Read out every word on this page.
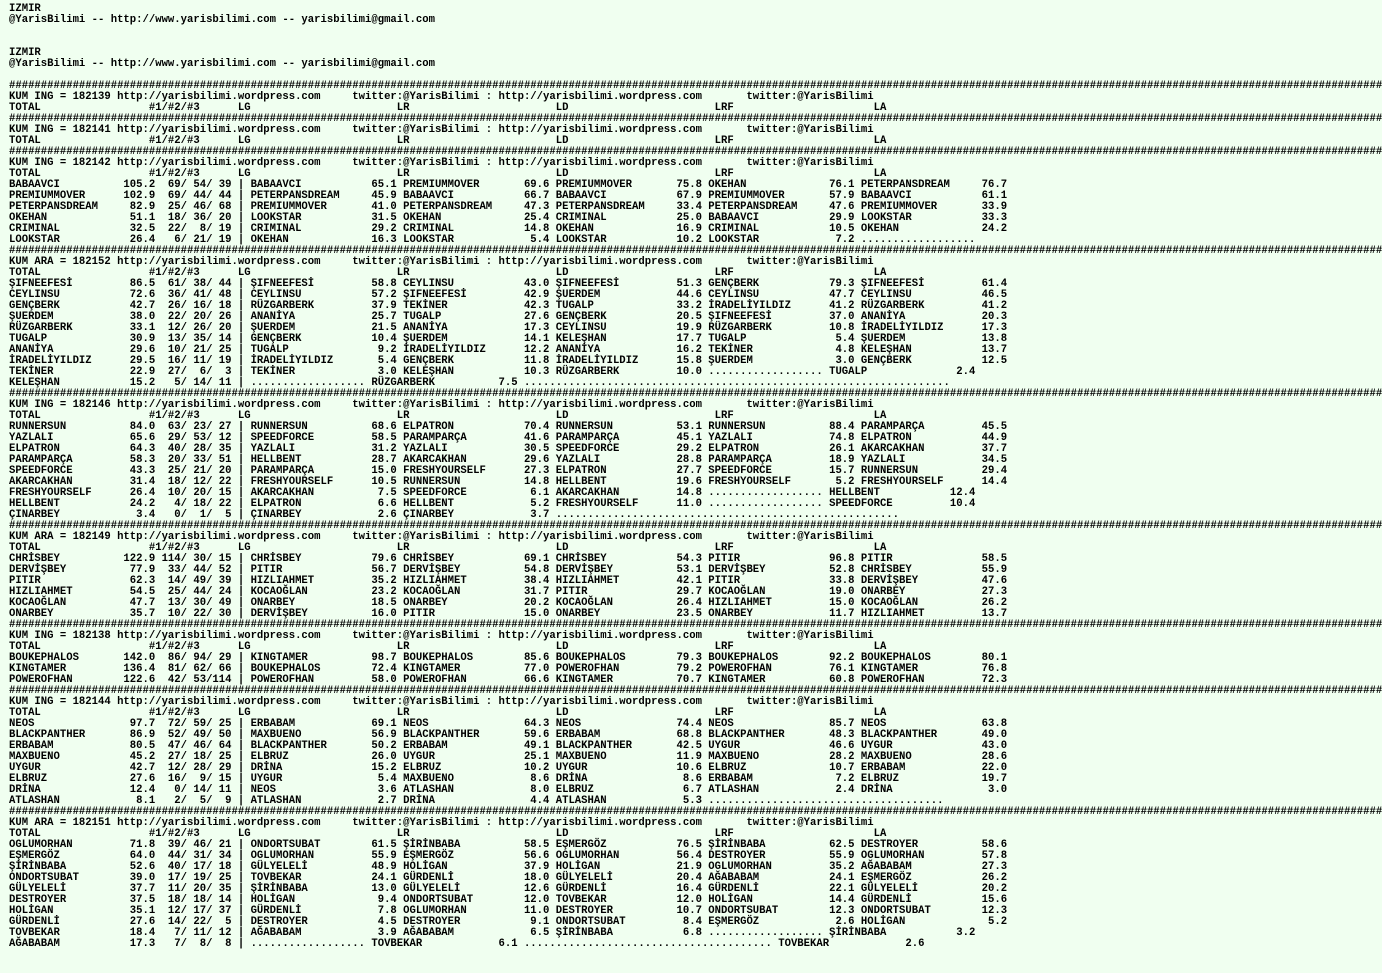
IZMIR
@YarisBilimi -- http://www.yarisbilimi.com -- yarisbilimi@gmail.com
IZMIR
@YarisBilimi -- http://www.yarisbilimi.com -- yarisbilimi@gmail.com
########################################################################################################################################################################################################################
KUM ING = 182139 http://yarisbilimi.wordpress.com     twitter:@YarisBilimi : http://yarisbilimi.wordpress.com       twitter:@YarisBilimi
TOTAL                 #1/#2/#3      LG                       LR                       LD                       LRF                      LA
########################################################################################################################################################################################################################
KUM ING = 182141 http://yarisbilimi.wordpress.com     twitter:@YarisBilimi : http://yarisbilimi.wordpress.com       twitter:@YarisBilimi
TOTAL                 #1/#2/#3      LG                       LR                       LD                       LRF                      LA
########################################################################################################################################################################################################################
KUM ING = 182142 http://yarisbilimi.wordpress.com     twitter:@YarisBilimi : http://yarisbilimi.wordpress.com       twitter:@YarisBilimi
TOTAL                 #1/#2/#3      LG                       LR                       LD                       LRF                      LA
BABAAVCI          105.2  69/ 54/ 39 | BABAAVCI           65.1 PREMIUMMOVER       69.6 PREMIUMMOVER       75.8 OKEHAN             76.1 PETERPANSDREAM     76.7
PREMIUMMOVER      102.9  69/ 44/ 44 | PETERPANSDREAM     45.9 BABAAVCI           66.7 BABAAVCI           67.9 PREMIUMMOVER       57.9 BABAAVCI           61.1
PETERPANSDREAM     82.9  25/ 46/ 68 | PREMIUMMOVER       41.0 PETERPANSDREAM     47.3 PETERPANSDREAM     33.4 PETERPANSDREAM     47.6 PREMIUMMOVER       33.9
OKEHAN             51.1  18/ 36/ 20 | LOOKSTAR           31.5 OKEHAN             25.4 CRIMINAL           25.0 BABAAVCI           29.9 LOOKSTAR           33.3
CRIMINAL           32.5  22/  8/ 19 | CRIMINAL           29.2 CRIMINAL           14.8 OKEHAN             16.9 CRIMINAL           10.5 OKEHAN             24.2
LOOKSTAR           26.4   6/ 21/ 19 | OKEHAN             16.3 LOOKSTAR            5.4 LOOKSTAR           10.2 LOOKSTAR            7.2 ..................
########################################################################################################################################################################################################################
KUM ARA = 182152 http://yarisbilimi.wordpress.com     twitter:@YarisBilimi : http://yarisbilimi.wordpress.com       twitter:@YarisBilimi
TOTAL                 #1/#2/#3      LG                       LR                       LD                       LRF                      LA
ŞIFNEEFESİ         86.5  61/ 38/ 44 | ŞIFNEEFESİ         58.8 CEYLINSU           43.0 ŞIFNEEFESİ         51.3 GENÇBERK           79.3 ŞIFNEEFESİ         61.4
CEYLINSU           72.6  36/ 41/ 48 | CEYLINSU           57.2 ŞIFNEEFESİ         42.9 ŞUERDEM            44.6 CEYLINSU           47.7 CEYLINSU           46.5
GENÇBERK           42.7  26/ 16/ 18 | RÜZGARBERK         37.9 TEKİNER            42.3 TUGALP             33.2 İRADELİYILDIZ      41.2 RÜZGARBERK         41.2
ŞUERDEM            38.0  22/ 20/ 26 | ANANİYA            25.7 TUGALP             27.6 GENÇBERK           20.5 ŞIFNEEFESİ         37.0 ANANİYA            20.3
RÜZGARBERK         33.1  12/ 26/ 20 | ŞUERDEM            21.5 ANANİYA            17.3 CEYLINSU           19.9 RÜZGARBERK         10.8 İRADELİYILDIZ      17.3
TUGALP             30.9  13/ 35/ 14 | GENÇBERK           10.4 ŞUERDEM            14.1 KELEŞHAN           17.7 TUGALP              5.4 ŞUERDEM            13.8
ANANİYA            29.6  10/ 21/ 25 | TUGALP              9.2 İRADELİYILDIZ      12.2 ANANİYA            16.2 TEKİNER             4.8 KELEŞHAN           13.7
İRADELİYILDIZ      29.5  16/ 11/ 19 | İRADELİYILDIZ       5.4 GENÇBERK           11.8 İRADELİYILDIZ      15.8 ŞUERDEM             3.0 GENÇBERK           12.5
TEKİNER            22.9  27/  6/  3 | TEKİNER             3.0 KELEŞHAN           10.3 RÜZGARBERK         10.0 .................. TUGALP              2.4
KELEŞHAN           15.2   5/ 14/ 11 | .................. RÜZGARBERK          7.5 ...................................................................
########################################################################################################################################################################################################################
KUM ING = 182146 http://yarisbilimi.wordpress.com     twitter:@YarisBilimi : http://yarisbilimi.wordpress.com       twitter:@YarisBilimi
TOTAL                 #1/#2/#3      LG                       LR                       LD                       LRF                      LA
RUNNERSUN          84.0  63/ 23/ 27 | RUNNERSUN          68.6 ELPATRON           70.4 RUNNERSUN          53.1 RUNNERSUN          88.4 PARAMPARÇA         45.5
YAZLALI            65.6  29/ 53/ 12 | SPEEDFORCE         58.5 PARAMPARÇA         41.6 PARAMPARÇA         45.1 YAZLALI            74.8 ELPATRON           44.9
ELPATRON           64.3  40/ 28/ 35 | YAZLALI            31.2 YAZLALI            30.5 SPEEDFORCE         29.2 ELPATRON           26.1 AKARCAKHAN         37.7
PARAMPARÇA         58.3  20/ 33/ 51 | HELLBENT           28.7 AKARCAKHAN         29.6 YAZLALI            28.8 PARAMPARÇA         18.9 YAZLALI            34.5
SPEEDFORCE         43.3  25/ 21/ 20 | PARAMPARÇA         15.0 FRESHYOURSELF      27.3 ELPATRON           27.7 SPEEDFORCE         15.7 RUNNERSUN          29.4
AKARCAKHAN         31.4  18/ 12/ 22 | FRESHYOURSELF      10.5 RUNNERSUN          14.8 HELLBENT           19.6 FRESHYOURSELF       5.2 FRESHYOURSELF      14.4
FRESHYOURSELF      26.4  10/ 20/ 15 | AKARCAKHAN          7.5 SPEEDFORCE          6.1 AKARCAKHAN         14.8 .................. HELLBENT           12.4
HELLBENT           24.2   4/ 18/ 22 | ELPATRON            6.6 HELLBENT            5.2 FRESHYOURSELF      11.0 .................. SPEEDFORCE         10.4
ÇINARBEY            3.4   0/  1/  5 | ÇINARBEY            2.6 ÇINARBEY            3.7 ......................................................
########################################################################################################################################################################################################################
KUM ARA = 182149 http://yarisbilimi.wordpress.com     twitter:@YarisBilimi : http://yarisbilimi.wordpress.com       twitter:@YarisBilimi
TOTAL                 #1/#2/#3      LG                       LR                       LD                       LRF                      LA
CHRİSBEY          122.9 114/ 30/ 15 | CHRİSBEY           79.6 CHRİSBEY           69.1 CHRİSBEY           54.3 PITIR              96.8 PITIR              58.5
DERVİŞBEY          77.9  33/ 44/ 52 | PITIR              56.7 DERVİŞBEY          54.8 DERVİŞBEY          53.1 DERVİŞBEY          52.8 CHRİSBEY           55.9
PITIR              62.3  14/ 49/ 39 | HIZLIAHMET         35.2 HIZLIAHMET         38.4 HIZLIAHMET         42.1 PITIR              33.8 DERVİŞBEY          47.6
HIZLIAHMET         54.5  25/ 44/ 24 | KOCAOĞLAN          23.2 KOCAOĞLAN          31.7 PITIR              29.7 KOCAOĞLAN          19.0 ONARBEY            27.3
KOCAOĞLAN          47.7  13/ 30/ 49 | ONARBEY            18.5 ONARBEY            20.2 KOCAOĞLAN          26.4 HIZLIAHMET         15.0 KOCAOĞLAN          26.2
ONARBEY            35.7  10/ 22/ 30 | DERVİŞBEY          16.0 PITIR              15.0 ONARBEY            23.5 ONARBEY            11.7 HIZLIAHMET         13.7
########################################################################################################################################################################################################################
KUM ING = 182138 http://yarisbilimi.wordpress.com     twitter:@YarisBilimi : http://yarisbilimi.wordpress.com       twitter:@YarisBilimi
TOTAL                 #1/#2/#3      LG                       LR                       LD                       LRF                      LA
BOUKEPHALOS       142.0  86/ 94/ 29 | KINGTAMER          98.7 BOUKEPHALOS        85.6 BOUKEPHALOS        79.3 BOUKEPHALOS        92.2 BOUKEPHALOS        80.1
KINGTAMER         136.4  81/ 62/ 66 | BOUKEPHALOS        72.4 KINGTAMER          77.0 POWEROFHAN         79.2 POWEROFHAN         76.1 KINGTAMER          76.8
POWEROFHAN        122.6  42/ 53/114 | POWEROFHAN         58.0 POWEROFHAN         66.6 KINGTAMER          70.7 KINGTAMER          60.8 POWEROFHAN         72.3
########################################################################################################################################################################################################################
KUM ING = 182144 http://yarisbilimi.wordpress.com     twitter:@YarisBilimi : http://yarisbilimi.wordpress.com       twitter:@YarisBilimi
TOTAL                 #1/#2/#3      LG                       LR                       LD                       LRF                      LA
NEOS               97.7  72/ 59/ 25 | ERBABAM            69.1 NEOS               64.3 NEOS               74.4 NEOS               85.7 NEOS               63.8
BLACKPANTHER       86.9  52/ 49/ 50 | MAXBUENO           56.9 BLACKPANTHER       59.6 ERBABAM            68.8 BLACKPANTHER       48.3 BLACKPANTHER       49.0
ERBABAM            80.5  47/ 46/ 64 | BLACKPANTHER       50.2 ERBABAM            49.1 BLACKPANTHER       42.5 UYGUR              46.6 UYGUR              43.0
MAXBUENO           45.2  27/ 18/ 25 | ELBRUZ             26.0 UYGUR              25.1 MAXBUENO           11.9 MAXBUENO           28.2 MAXBUENO           28.6
UYGUR              42.7  12/ 28/ 29 | DRİNA              15.2 ELBRUZ             10.2 UYGUR              10.6 ELBRUZ             10.7 ERBABAM            22.0
ELBRUZ             27.6  16/  9/ 15 | UYGUR               5.4 MAXBUENO            8.6 DRİNA               8.6 ERBABAM             7.2 ELBRUZ             19.7
DRİNA              12.4   0/ 14/ 11 | NEOS                3.6 ATLASHAN            8.0 ELBRUZ              6.7 ATLASHAN            2.4 DRİNA               3.0
ATLASHAN            8.1   2/  5/  9 | ATLASHAN            2.7 DRİNA               4.4 ATLASHAN            5.3 .....................................
########################################################################################################################################################################################################################
KUM ARA = 182151 http://yarisbilimi.wordpress.com     twitter:@YarisBilimi : http://yarisbilimi.wordpress.com       twitter:@YarisBilimi
TOTAL                 #1/#2/#3      LG                       LR                       LD                       LRF                      LA
OGLUMORHAN         71.8  39/ 46/ 21 | ONDORTSUBAT        61.5 ŞİRİNBABA          58.5 EŞMERGÖZ           76.5 ŞİRİNBABA          62.5 DESTROYER          58.6
EŞMERGÖZ           64.0  44/ 31/ 34 | OGLUMORHAN         55.9 EŞMERGÖZ           56.6 OGLUMORHAN         56.4 DESTROYER          55.9 OGLUMORHAN         57.8
ŞİRİNBABA          52.6  40/ 17/ 18 | GÜLYELELİ          48.9 HOLİGAN            37.9 HOLİGAN            21.9 OGLUMORHAN         35.2 AĞABABAM           27.3
ONDORTSUBAT        39.0  17/ 19/ 25 | TOVBEKAR           24.1 GÜRDENLİ           18.0 GÜLYELELİ          20.4 AĞABABAM           24.1 EŞMERGÖZ           26.2
GÜLYELELİ          37.7  11/ 20/ 35 | ŞİRİNBABA          13.0 GÜLYELELİ          12.6 GÜRDENLİ           16.4 GÜRDENLİ           22.1 GÜLYELELİ          20.2
DESTROYER          37.5  18/ 18/ 14 | HOLİGAN             9.4 ONDORTSUBAT        12.0 TOVBEKAR           12.0 HOLİGAN            14.4 GÜRDENLİ           15.6
HOLİGAN            35.1  12/ 17/ 37 | GÜRDENLİ            7.8 OGLUMORHAN         11.0 DESTROYER          10.7 ONDORTSUBAT        12.3 ONDORTSUBAT        12.3
GÜRDENLİ           27.6  14/ 22/  5 | DESTROYER           4.5 DESTROYER           9.1 ONDORTSUBAT         8.4 EŞMERGÖZ            2.6 HOLİGAN             5.2
TOVBEKAR           18.4   7/ 11/ 12 | AĞABABAM            3.9 AĞABABAM            6.5 ŞİRİNBABA           6.8 .................. ŞİRİNBABA           3.2
AĞABABAM           17.3   7/  8/  8 | .................. TOVBEKAR            6.1 ....................................... TOVBEKAR            2.6
